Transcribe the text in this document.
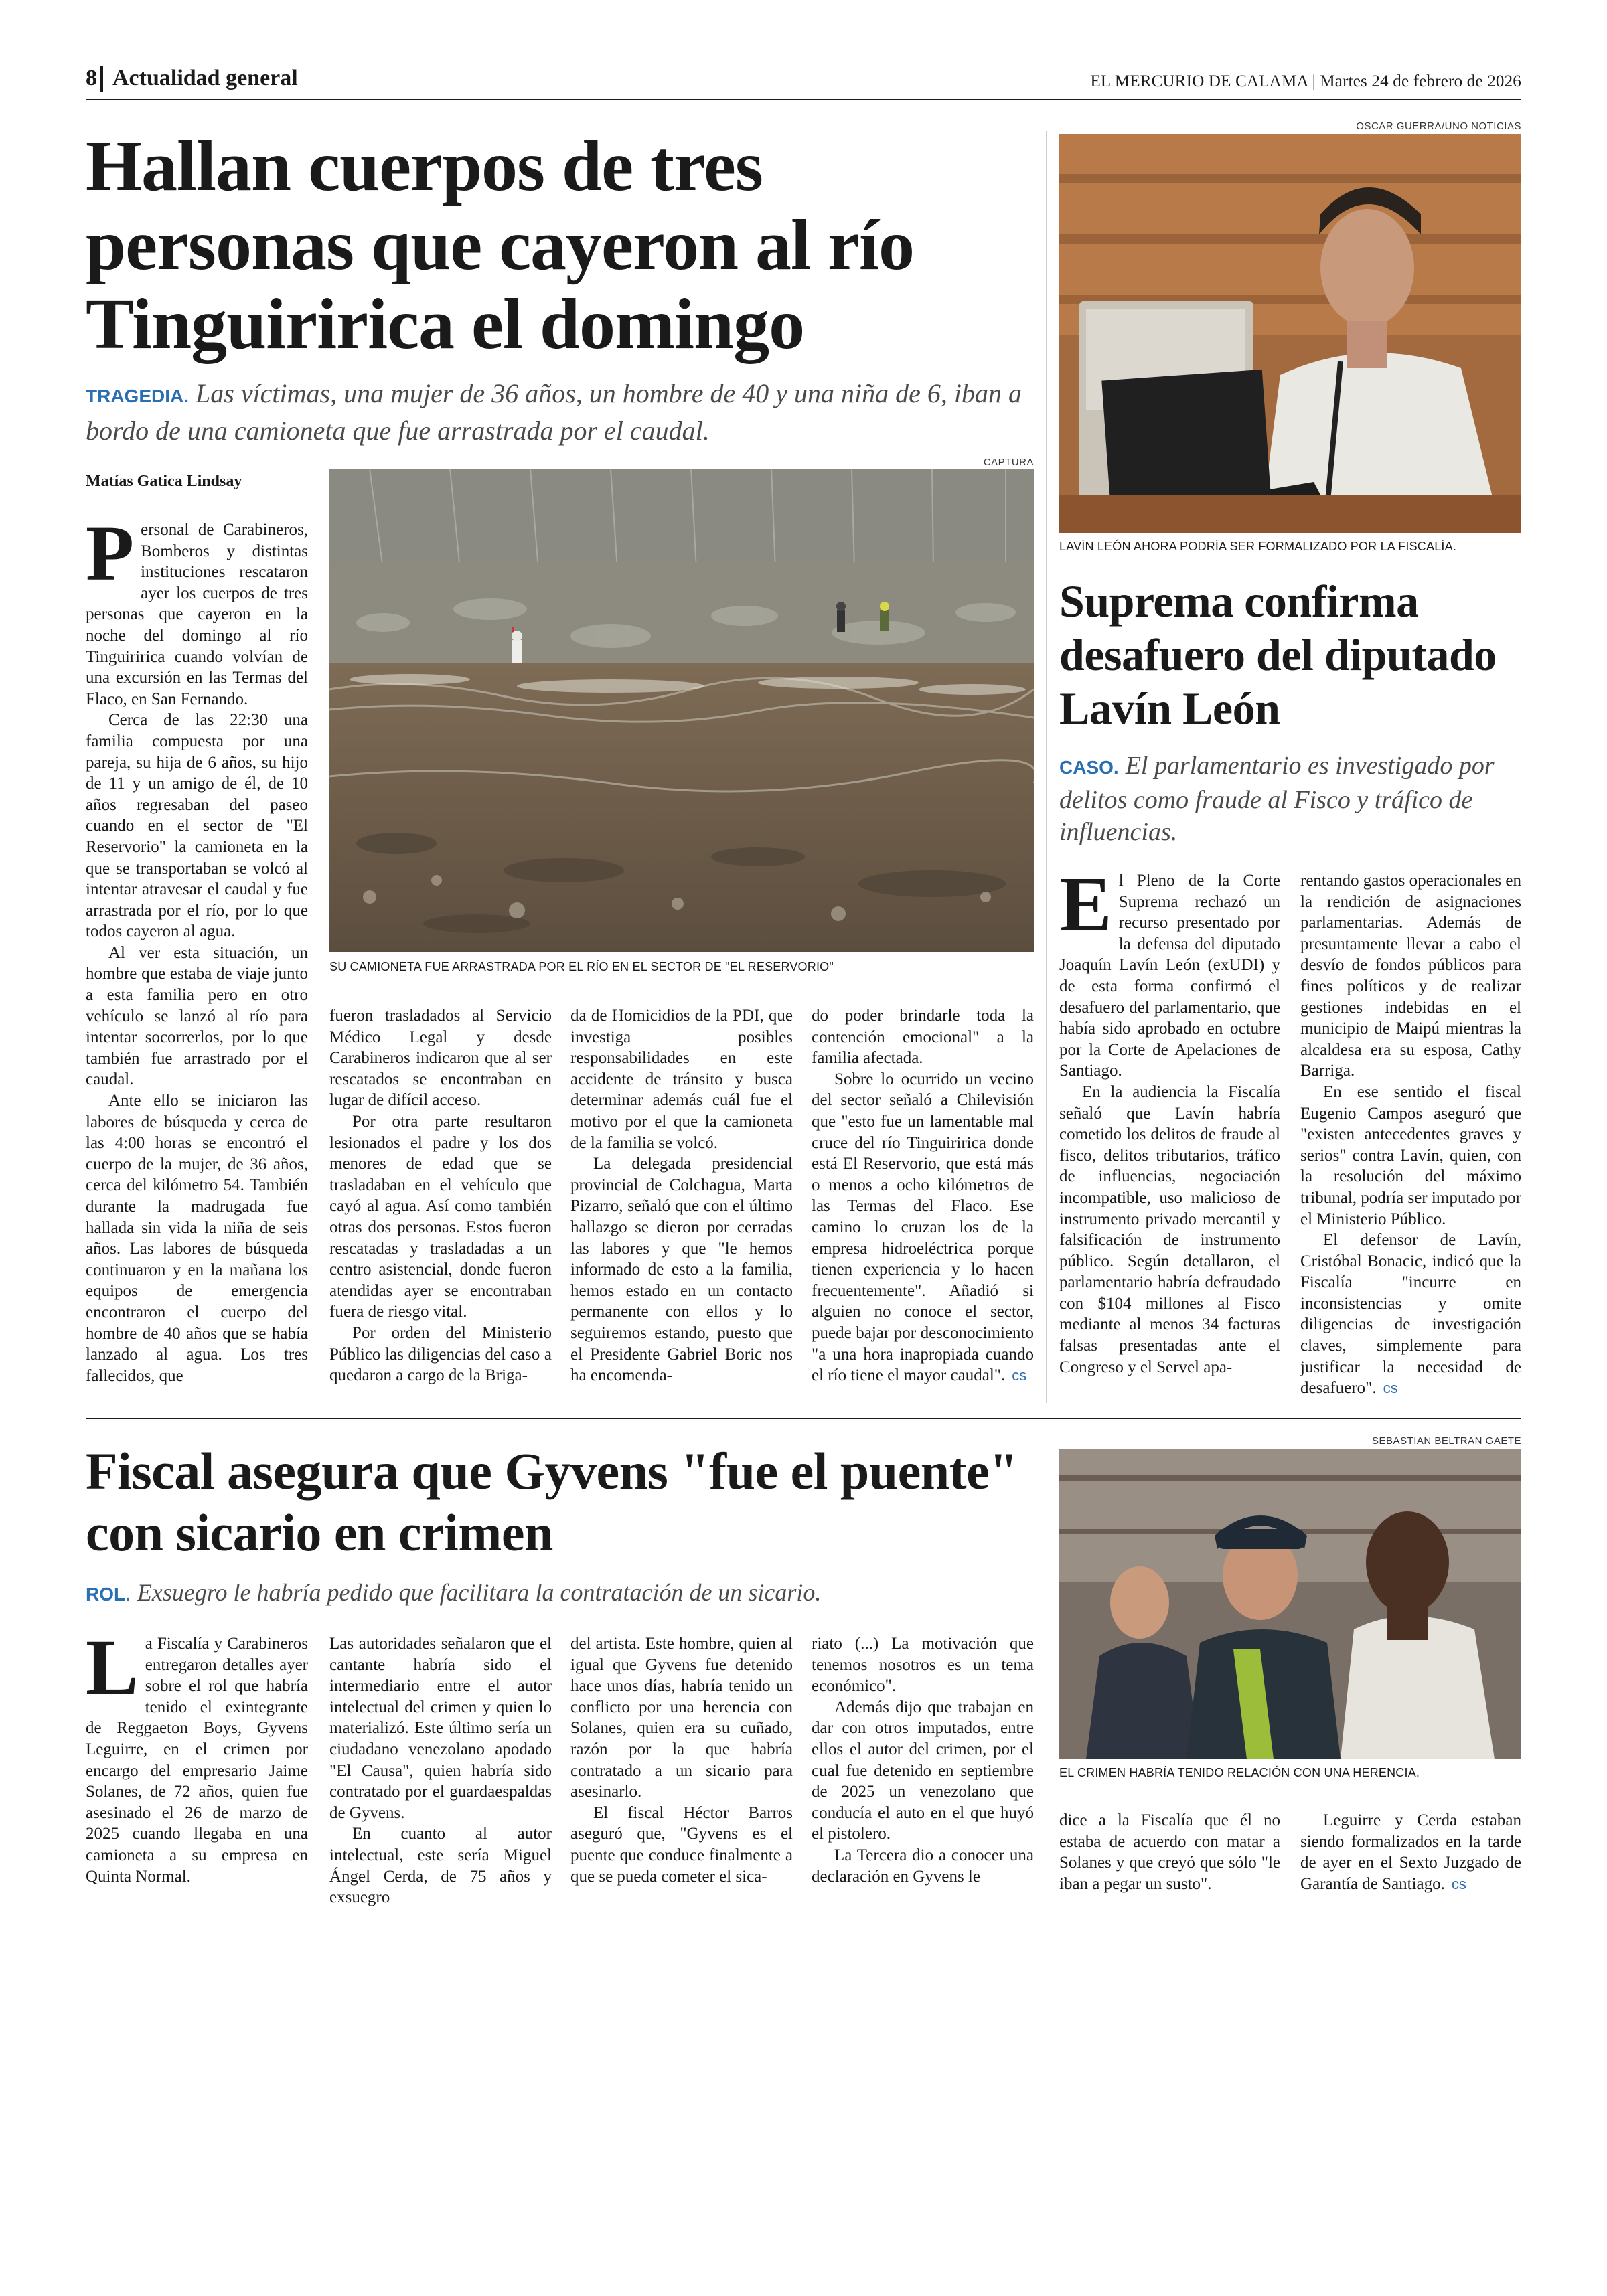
8 Actualidad general	EL MERCURIO DE CALAMA | Martes 24 de febrero de 2026
Hallan cuerpos de tres personas que cayeron al río Tinguiririca el domingo
TRAGEDIA. Las víctimas, una mujer de 36 años, un hombre de 40 y una niña de 6, iban a bordo de una camioneta que fue arrastrada por el caudal.
Matías Gatica Lindsay
CAPTURA
SU CAMIONETA FUE ARRASTRADA POR EL RÍO EN EL SECTOR DE "EL RESERVORIO"

Personal de Carabineros, Bomberos y distintas instituciones rescataron ayer los cuerpos de tres personas que cayeron en la noche del domingo al río Tinguiririca cuando volvían de una excursión en las Termas del Flaco, en San Fernando.

Cerca de las 22:30 una familia compuesta por una pareja, su hija de 6 años, su hijo de 11 y un amigo de él, de 10 años regresaban del paseo cuando en el sector de "El Reservorio" la camioneta en la que se transportaban se volcó al intentar atravesar el caudal y fue arrastrada por el río, por lo que todos cayeron al agua.

Al ver esta situación, un hombre que estaba de viaje junto a esta familia pero en otro vehículo se lanzó al río para intentar socorrerlos, por lo que también fue arrastrado por el caudal.

Ante ello se iniciaron las labores de búsqueda y cerca de las 4:00 horas se encontró el cuerpo de la mujer, de 36 años, cerca del kilómetro 54. También durante la madrugada fue hallada sin vida la niña de seis años. Las labores de búsqueda continuaron y en la mañana los equipos de emergencia encontraron el cuerpo del hombre de 40 años que se había lanzado al agua. Los tres fallecidos, que

fueron trasladados al Servicio Médico Legal y desde Carabineros indicaron que al ser rescatados se encontraban en lugar de difícil acceso.

Por otra parte resultaron lesionados el padre y los dos menores de edad que se trasladaban en el vehículo que cayó al agua. Así como también otras dos personas. Estos fueron rescatadas y trasladadas a un centro asistencial, donde fueron atendidas ayer se encontraban fuera de riesgo vital.

Por orden del Ministerio Público las diligencias del caso a quedaron a cargo de la Briga-

da de Homicidios de la PDI, que investiga posibles responsabilidades en este accidente de tránsito y busca determinar además cuál fue el motivo por el que la camioneta de la familia se volcó.

La delegada presidencial provincial de Colchagua, Marta Pizarro, señaló que con el último hallazgo se dieron por cerradas las labores y que "le hemos informado de esto a la familia, hemos estado en un contacto permanente con ellos y lo seguiremos estando, puesto que el Presidente Gabriel Boric nos ha encomenda-

do poder brindarle toda la contención emocional" a la familia afectada.

Sobre lo ocurrido un vecino del sector señaló a Chilevisión que "esto fue un lamentable mal cruce del río Tinguiririca donde está El Reservorio, que está más o menos a ocho kilómetros de las Termas del Flaco. Ese camino lo cruzan los de la empresa hidroeléctrica porque tienen experiencia y lo hacen frecuentemente". Añadió si alguien no conoce el sector, puede bajar por desconocimiento "a una hora inapropiada cuando el río tiene el mayor caudal". cs

OSCAR GUERRA/UNO NOTICIAS
LAVÍN LEÓN AHORA PODRÍA SER FORMALIZADO POR LA FISCALÍA.
Suprema confirma desafuero del diputado Lavín León
CASO. El parlamentario es investigado por delitos como fraude al Fisco y tráfico de influencias.

El Pleno de la Corte Suprema rechazó un recurso presentado por la defensa del diputado Joaquín Lavín León (exUDI) y de esta forma confirmó el desafuero del parlamentario, que había sido aprobado en octubre por la Corte de Apelaciones de Santiago.

En la audiencia la Fiscalía señaló que Lavín habría cometido los delitos de fraude al fisco, delitos tributarios, tráfico de influencias, negociación incompatible, uso malicioso de instrumento privado mercantil y falsificación de instrumento público. Según detallaron, el parlamentario habría defraudado con $104 millones al Fisco mediante al menos 34 facturas falsas presentadas ante el Congreso y el Servel apa-

rentando gastos operacionales en la rendición de asignaciones parlamentarias. Además de presuntamente llevar a cabo el desvío de fondos públicos para fines políticos y de realizar gestiones indebidas en el municipio de Maipú mientras la alcaldesa era su esposa, Cathy Barriga.

En ese sentido el fiscal Eugenio Campos aseguró que "existen antecedentes graves y serios" contra Lavín, quien, con la resolución del máximo tribunal, podría ser imputado por el Ministerio Público.

El defensor de Lavín, Cristóbal Bonacic, indicó que la Fiscalía "incurre en inconsistencias y omite diligencias de investigación claves, simplemente para justificar la necesidad de desafuero". cs

Fiscal asegura que Gyvens "fue el puente" con sicario en crimen
ROL. Exsuegro le habría pedido que facilitara la contratación de un sicario.
SEBASTIAN BELTRAN GAETE
EL CRIMEN HABRÍA TENIDO RELACIÓN CON UNA HERENCIA.

La Fiscalía y Carabineros entregaron detalles ayer sobre el rol que habría tenido el exintegrante de Reggaeton Boys, Gyvens Leguirre, en el crimen por encargo del empresario Jaime Solanes, de 72 años, quien fue asesinado el 26 de marzo de 2025 cuando llegaba en una camioneta a su empresa en Quinta Normal.

Las autoridades señalaron que el cantante habría sido el intermediario entre el autor intelectual del crimen y quien lo materializó. Este último sería un ciudadano venezolano apodado "El Causa", quien habría sido contratado por el guardaespaldas de Gyvens.

En cuanto al autor intelectual, este sería Miguel Ángel Cerda, de 75 años y exsuegro

del artista. Este hombre, quien al igual que Gyvens fue detenido hace unos días, habría tenido un conflicto por una herencia con Solanes, quien era su cuñado, razón por la que habría contratado a un sicario para asesinarlo.

El fiscal Héctor Barros aseguró que, "Gyvens es el puente que conduce finalmente a que se pueda cometer el sica-

riato (...) La motivación que tenemos nosotros es un tema económico".

Además dijo que trabajan en dar con otros imputados, entre ellos el autor del crimen, por el cual fue detenido en septiembre de 2025 un venezolano que conducía el auto en el que huyó el pistolero.

La Tercera dio a conocer una declaración en Gyvens le

dice a la Fiscalía que él no estaba de acuerdo con matar a Solanes y que creyó que sólo "le iban a pegar un susto".

Leguirre y Cerda estaban siendo formalizados en la tarde de ayer en el Sexto Juzgado de Garantía de Santiago. cs
